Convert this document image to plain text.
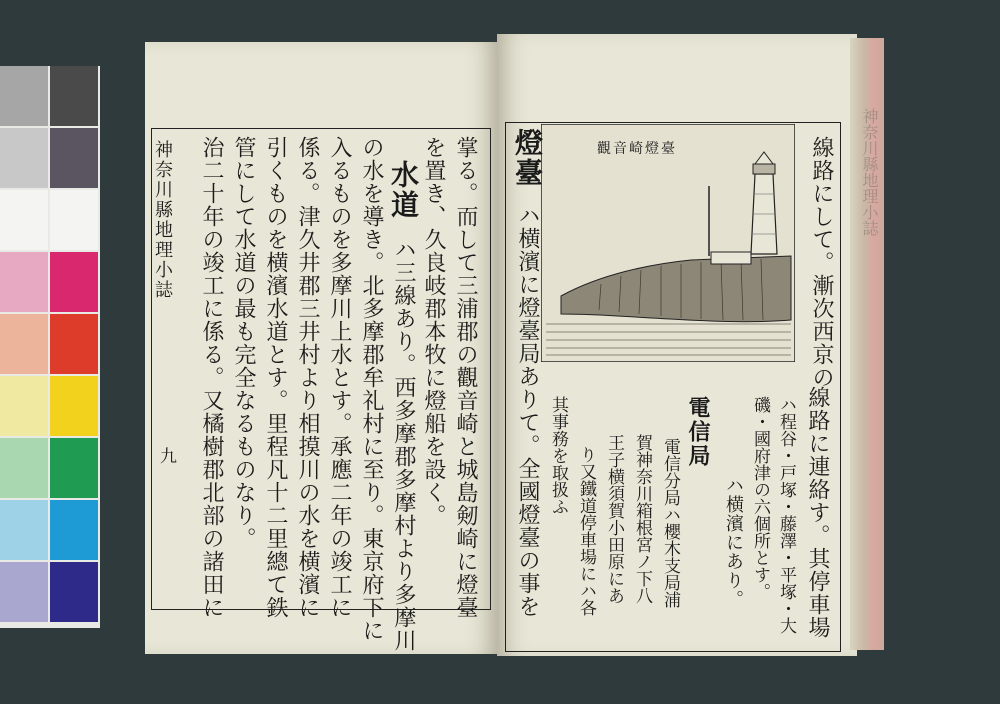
神奈川縣地理小誌
九	掌る。而して三浦郡の觀音崎と城島剱崎に燈臺
を置き、久良岐郡本牧に燈船を設く。
水道
ハ三線あり。西多摩郡多摩村より多摩川
の水を導き。北多摩郡牟礼村に至り。東京府下に
入るものを多摩川上水とす。承應二年の竣工に
係る。津久井郡三井村より相摸川の水を横濱に
引くものを横濱水道とす。里程凡十二里總て鉄
管にして水道の最も完全なるものなり。
治二十年の竣工に係る。又橘樹郡北部の諸田に	觀音崎燈臺
燈臺
ハ横濱に燈臺局ありて。全國燈臺の事を 其事務を取扱ふ り又鐵道停車場にハ各 王子横須賀小田原にあ 賀神奈川箱根宮ノ下八 電信分局ハ櫻木支局浦
電信局
ハ横濱にあり。 磯・國府津の六個所とす。 ハ程谷・戸塚・藤澤・平塚・大 線路に連絡す。其停車場
線路にして。漸次西京の	神奈川縣地理小誌
